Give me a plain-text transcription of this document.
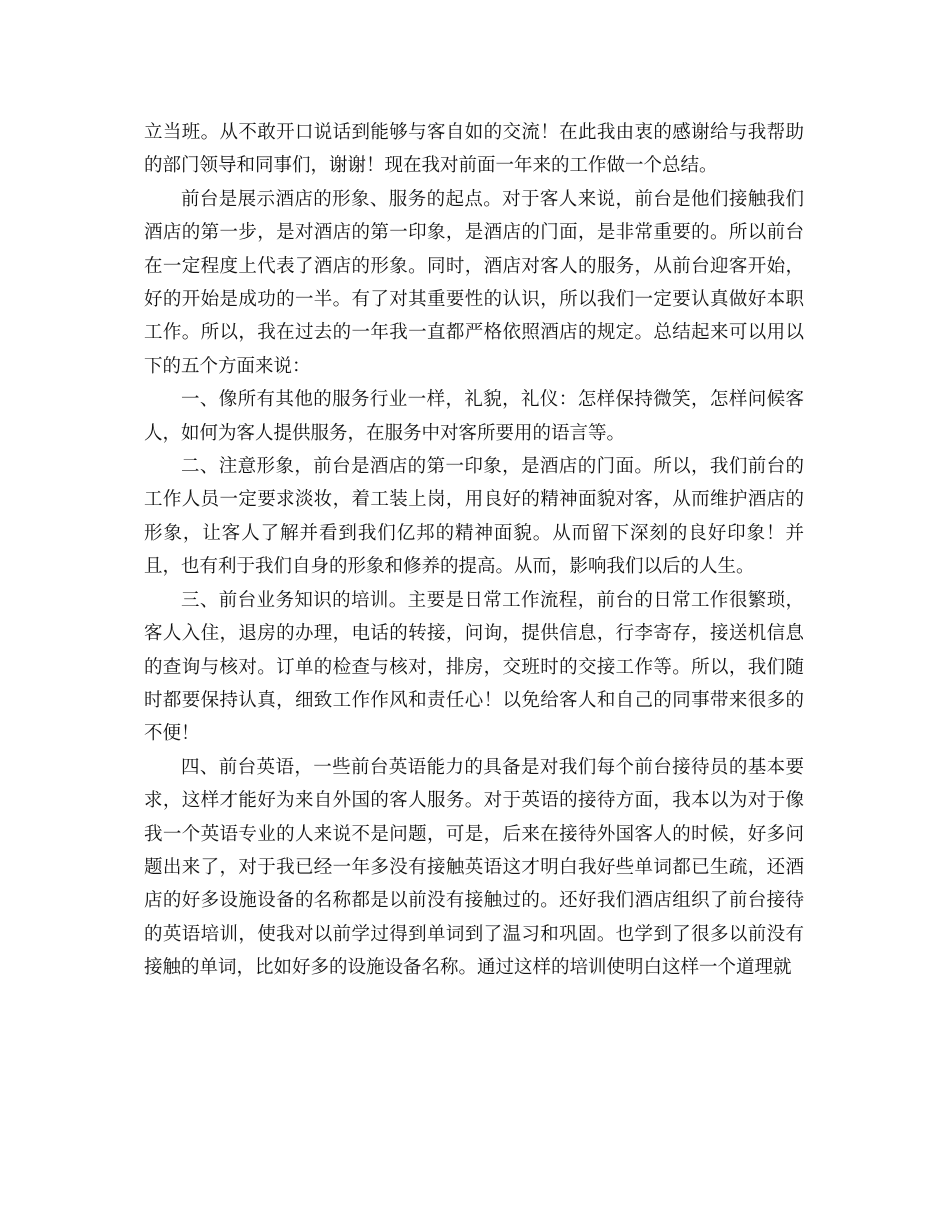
立当班。从不敢开口说话到能够与客自如的交流！在此我由衷的感谢给与我帮助的部门领导和同事们，谢谢！现在我对前面一年来的工作做一个总结。

前台是展示酒店的形象、服务的起点。对于客人来说，前台是他们接触我们酒店的第一步，是对酒店的第一印象，是酒店的门面，是非常重要的。所以前台在一定程度上代表了酒店的形象。同时，酒店对客人的服务，从前台迎客开始，好的开始是成功的一半。有了对其重要性的认识，所以我们一定要认真做好本职工作。所以，我在过去的一年我一直都严格依照酒店的规定。总结起来可以用以下的五个方面来说：

一、像所有其他的服务行业一样，礼貌，礼仪：怎样保持微笑，怎样问候客人，如何为客人提供服务，在服务中对客所要用的语言等。

二、注意形象，前台是酒店的第一印象，是酒店的门面。所以，我们前台的工作人员一定要求淡妆，着工装上岗，用良好的精神面貌对客，从而维护酒店的形象，让客人了解并看到我们亿邦的精神面貌。从而留下深刻的良好印象！并且，也有利于我们自身的形象和修养的提高。从而，影响我们以后的人生。

三、前台业务知识的培训。主要是日常工作流程，前台的日常工作很繁琐，客人入住，退房的办理，电话的转接，问询，提供信息，行李寄存，接送机信息的查询与核对。订单的检查与核对，排房，交班时的交接工作等。所以，我们随时都要保持认真，细致工作作风和责任心！以免给客人和自己的同事带来很多的不便！

四、前台英语，一些前台英语能力的具备是对我们每个前台接待员的基本要求，这样才能好为来自外国的客人服务。对于英语的接待方面，我本以为对于像我一个英语专业的人来说不是问题，可是，后来在接待外国客人的时候，好多问题出来了，对于我已经一年多没有接触英语这才明白我好些单词都已生疏，还酒店的好多设施设备的名称都是以前没有接触过的。还好我们酒店组织了前台接待的英语培训，使我对以前学过得到单词到了温习和巩固。也学到了很多以前没有接触的单词，比如好多的设施设备名称。通过这样的培训使明白这样一个道理就
